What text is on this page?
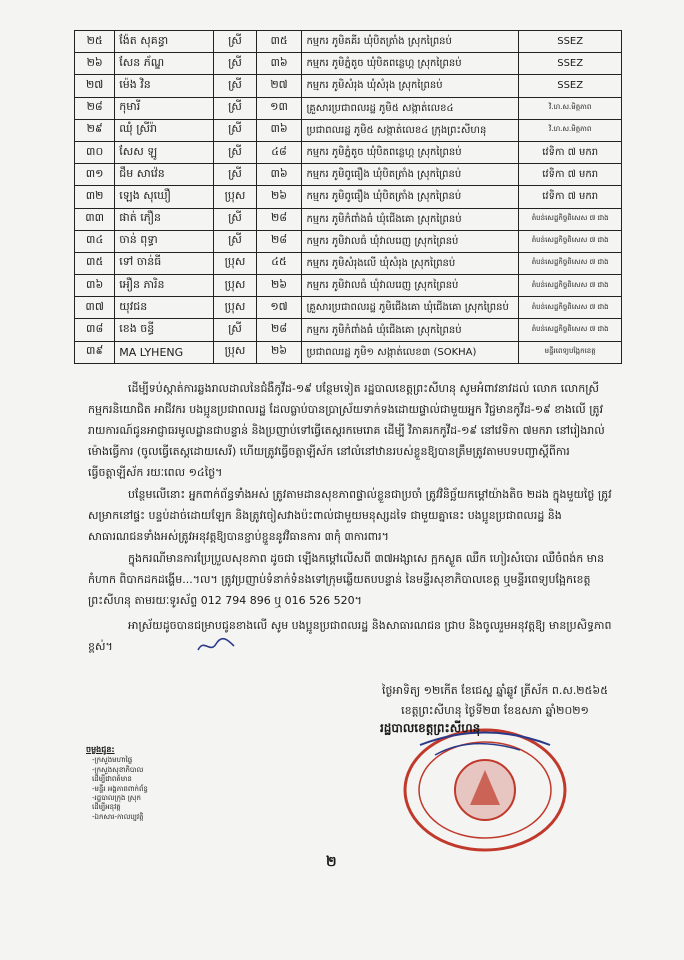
២៥	ង៉ែត សុគន្ធា	ស្រី	៣៥	កម្មករ ភូមិគគីរ ឃុំបិតត្រាំង ស្រុកព្រៃនប់	SSEZ
២៦	សែន ភ័ណ្ឌ	ស្រី	៣៦	កម្មករ ភូមិភ្នំតូច ឃុំបិតពន្លេហ្គ ស្រុកព្រៃនប់	SSEZ
២៧	ម៉េង វិន	ស្រី	២៧	កម្មករ ភូមិសំរុង ឃុំសំរុង ស្រុកព្រៃនប់	SSEZ
២៨	កុមារី	ស្រី	១៣	គ្រួសារប្រជាពលរដ្ឋ ភូមិ៥ សង្កាត់លេខ៤	វិ.ហ.ស.មិត្តភាព
២៩	ឈុំ ស្រីរ៉ា	ស្រី	៣៦	ប្រជាពលរដ្ឋ ភូមិ៥ សង្កាត់លេខ៤ ក្រុងព្រះសីហនុ	វិ.ហ.ស.មិត្តភាព
៣០	សែស ឡូ	ស្រី	៤៨	កម្មករ ភូមិភ្នំតូច ឃុំបិតពន្លេហ្គ ស្រុកព្រៃនប់	វេទិកា ៧ មករា
៣១	ជឹម សាវ៉េន	ស្រី	៣៦	កម្មករ ភូមិពូធឿង ឃុំបិតត្រាំង ស្រុកព្រៃនប់	វេទិកា ៧ មករា
៣២	ឡេង សុឃឿ	ប្រុស	២៦	កម្មករ ភូមិពូធឿង ឃុំបិតត្រាំង ស្រុកព្រៃនប់	វេទិកា ៧ មករា
៣៣	ផាត់ ភឿន	ស្រី	២៨	កម្មករ ភូមិកំពាំងធំ ឃុំជើងគោ ស្រុកព្រៃនប់	តំបន់សេដ្ឋកិច្ចពិសេស ៧ ជាង
៣៤	ចាន់ ពុទ្ធា	ស្រី	២៨	កម្មករ ភូមិវាលធំ ឃុំវាលរេញ ស្រុកព្រៃនប់	តំបន់សេដ្ឋកិច្ចពិសេស ៧ ជាង
៣៥	ទៅ ចាន់ធី	ប្រុស	៤៥	កម្មករ ភូមិសំរុងលើ ឃុំសំរុង ស្រុកព្រៃនប់	តំបន់សេដ្ឋកិច្ចពិសេស ៧ ជាង
៣៦	អឿន ភារិន	ប្រុស	២៦	កម្មករ ភូមិវាលធំ ឃុំវាលរេញ ស្រុកព្រៃនប់	តំបន់សេដ្ឋកិច្ចពិសេស ៧ ជាង
៣៧	យុវជន	ប្រុស	១៧	គ្រួសារប្រជាពលរដ្ឋ ភូមិជើងគោ ឃុំជើងគោ ស្រុកព្រៃនប់	តំបន់សេដ្ឋកិច្ចពិសេស ៧ ជាង
៣៨	ខេង ចន្ធី	ស្រី	២៨	កម្មករ ភូមិកំពាំងធំ ឃុំជើងគោ ស្រុកព្រៃនប់	តំបន់សេដ្ឋកិច្ចពិសេស ៧ ជាង
៣៩	MA LYHENG	ប្រុស	២៦	ប្រជាពលរដ្ឋ ភូមិ១ សង្កាត់លេខ៣ (SOKHA)	មន្ទីរពេទ្យបង្អែកខេត្ត
ដើម្បីទប់ស្កាត់ការឆ្លងរាលដាលនៃជំងឺកូវីដ-១៩ បន្ថែមទៀត រដ្ឋបាលខេត្តព្រះសីហនុ សូមអំពាវនាវដល់ លោក លោកស្រី កម្មករនិយោជិត អាជីវករ បងប្អូនប្រជាពលរដ្ឋ ដែលធ្លាប់បានប្រាស្រ័យទាក់ទងដោយផ្ទាល់ជាមួយអ្នក វិជ្ជមានកូវីដ-១៩ ខាងលើ ត្រូវរាយការណ៍ជូនអាជ្ញាធរមូលដ្ឋានជាបន្ទាន់ និងប្រញាប់ទៅធ្វើតេស្តរកមេរោគ ដើម្បី វិភាគរកកូវីដ-១៩ នៅវេទិកា ៧មករា នៅរៀងរាល់ម៉ោងធ្វើការ (ចូលធ្វើតេស្តដោយសេរី) ហើយត្រូវធ្វើចត្តាឡីស័ក នៅលំនៅឋានរបស់ខ្លួនឱ្យបានត្រឹមត្រូវតាមបទបញ្ជាស្ដីពីការធ្វើចត្តាឡីស័ក រយៈពេល ១៤ថ្ងៃ។
បន្ថែមលើនោះ អ្នកពាក់ព័ន្ធទាំងអស់ ត្រូវតាមដានសុខភាពផ្ទាល់ខ្លួនជាប្រចាំ ត្រូវវិនិច្ឆ័យកម្ដៅយ៉ាងតិច ២ដង ក្នុងមួយថ្ងៃ ត្រូវសម្រាកនៅផ្ទះ បន្ទប់ដាច់ដោយឡែក និងត្រូវចៀសវាងប៉ះពាល់ជាមួយមនុស្សដទៃ ជាមួយគ្នានេះ បងប្អូនប្រជាពលរដ្ឋ និង សាធារណជនទាំងអស់ត្រូវអនុវត្តឱ្យបានខ្ជាប់ខ្ជួននូវវិធានការ ៣កុំ ៣ការពារ។
ក្នុងករណីមានការប្រែប្រួលសុខភាព ដូចជា ឡើងកម្ដៅលើសពី ៣៧អង្សាសេ ក្អកស្ងួត ឈឺក ហៀរសំបោរ ឈឺចំពង់ក មានកំហាក ពិបាកដកដង្ហើម...។ល។ ត្រូវប្រញាប់ទំនាក់ទំនងទៅក្រុមឆ្លើយតបបន្ទាន់ នៃមន្ទីរសុខាភិបាលខេត្ត ឬមន្ទីរពេទ្យបង្អែកខេត្តព្រះសីហនុ តាមរយៈទូរស័ព្ទ 012 794 896 ឬ 016 526 520។
អាស្រ័យដូចបានជម្រាបជូនខាងលើ សូម បងប្អូនប្រជាពលរដ្ឋ និងសាធារណជន ជ្រាប និងចូលរួមអនុវត្តឱ្យ មានប្រសិទ្ធភាពខ្ពស់។
ថ្ងៃអាទិត្យ ១២កើត ខែជេស្ឋ ឆ្នាំឆ្លូវ ត្រីស័ក ព.ស.២៥៦៥
ខេត្តព្រះសីហនុ ថ្ងៃទី២៣ ខែឧសភា ឆ្នាំ២០២១
រដ្ឋបាលខេត្តព្រះសីហនុ
ចម្លងជូន:
-ក្រសួងមហាផ្ទៃ
-ក្រសួងសុខាភិបាល
ដើម្បីជាពត៌មាន
-មន្ទីរ អង្គភាពពាក់ព័ន្ធ
-រដ្ឋបាលក្រុង ស្រុក
ដើម្បីអនុវត្ត
-ឯកសារ-កាលប្បវត្តិ
២
